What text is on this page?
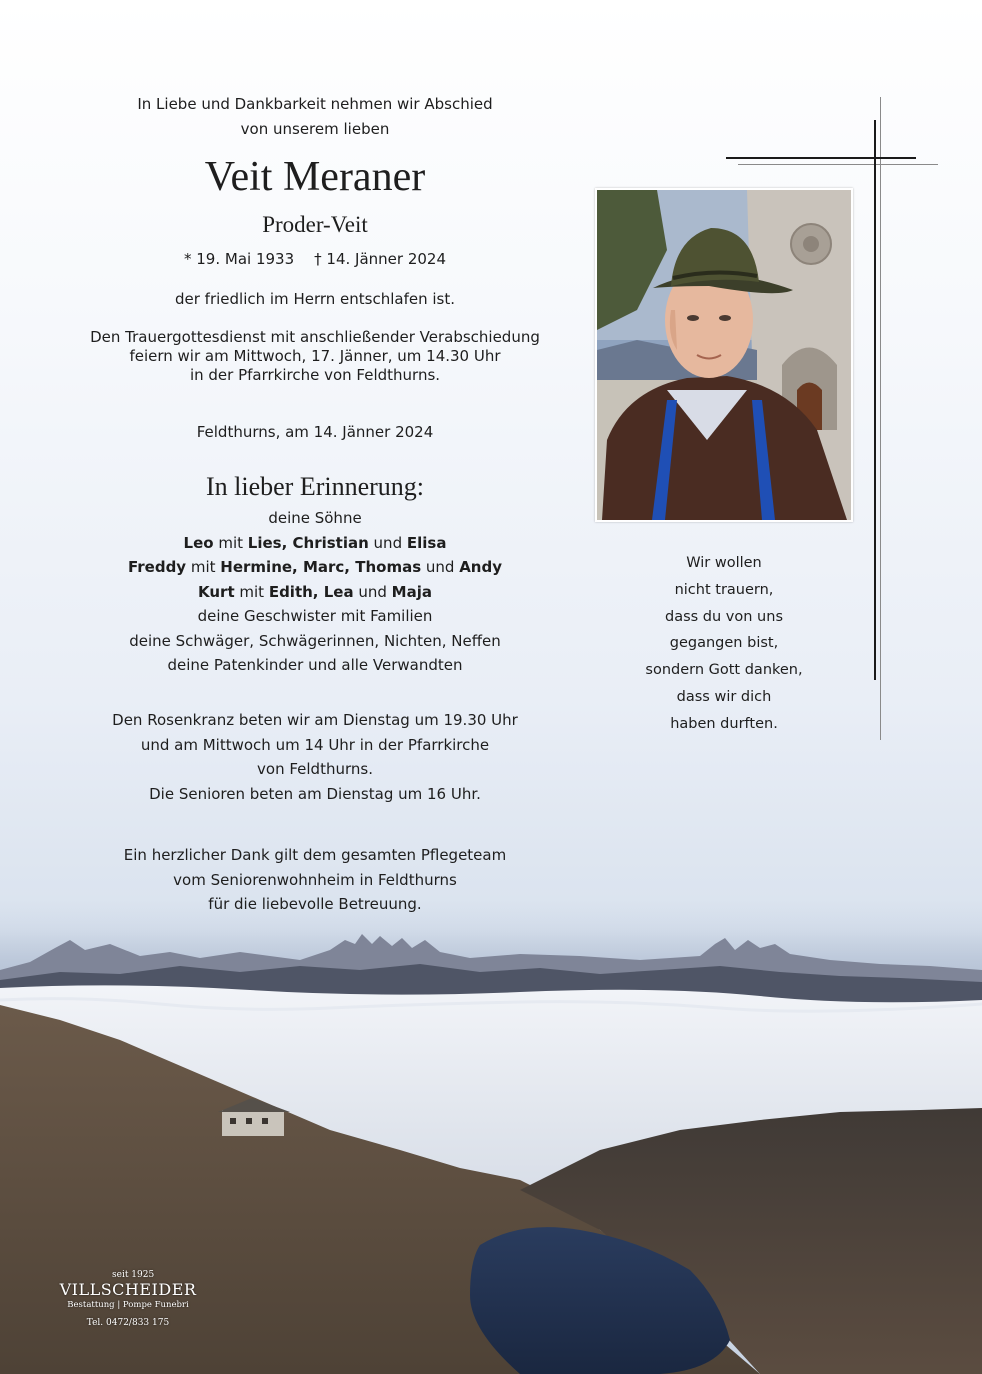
In Liebe und Dankbarkeit nehmen wir Abschied
von unserem lieben
Veit Meraner
Proder-Veit
* 19. Mai 1933 † 14. Jänner 2024
der friedlich im Herrn entschlafen ist.
Den Trauergottesdienst mit anschließender Verabschiedung
feiern wir am Mittwoch, 17. Jänner, um 14.30 Uhr
in der Pfarrkirche von Feldthurns.
Feldthurns, am 14. Jänner 2024
In lieber Erinnerung:
deine Söhne
Leo mit Lies, Christian und Elisa
Freddy mit Hermine, Marc, Thomas und Andy
Kurt mit Edith, Lea und Maja
deine Geschwister mit Familien
deine Schwäger, Schwägerinnen, Nichten, Neffen
deine Patenkinder und alle Verwandten
Den Rosenkranz beten wir am Dienstag um 19.30 Uhr
und am Mittwoch um 14 Uhr in der Pfarrkirche
von Feldthurns.
Die Senioren beten am Dienstag um 16 Uhr.
Ein herzlicher Dank gilt dem gesamten Pflegeteam
vom Seniorenwohnheim in Feldthurns
für die liebevolle Betreuung.
Wir wollen
nicht trauern,
dass du von uns
gegangen bist,
sondern Gott danken,
dass wir dich
haben durften.
seit 1925
VILLSCHEIDER
Bestattung | Pompe Funebri
Tel. 0472/833 175
